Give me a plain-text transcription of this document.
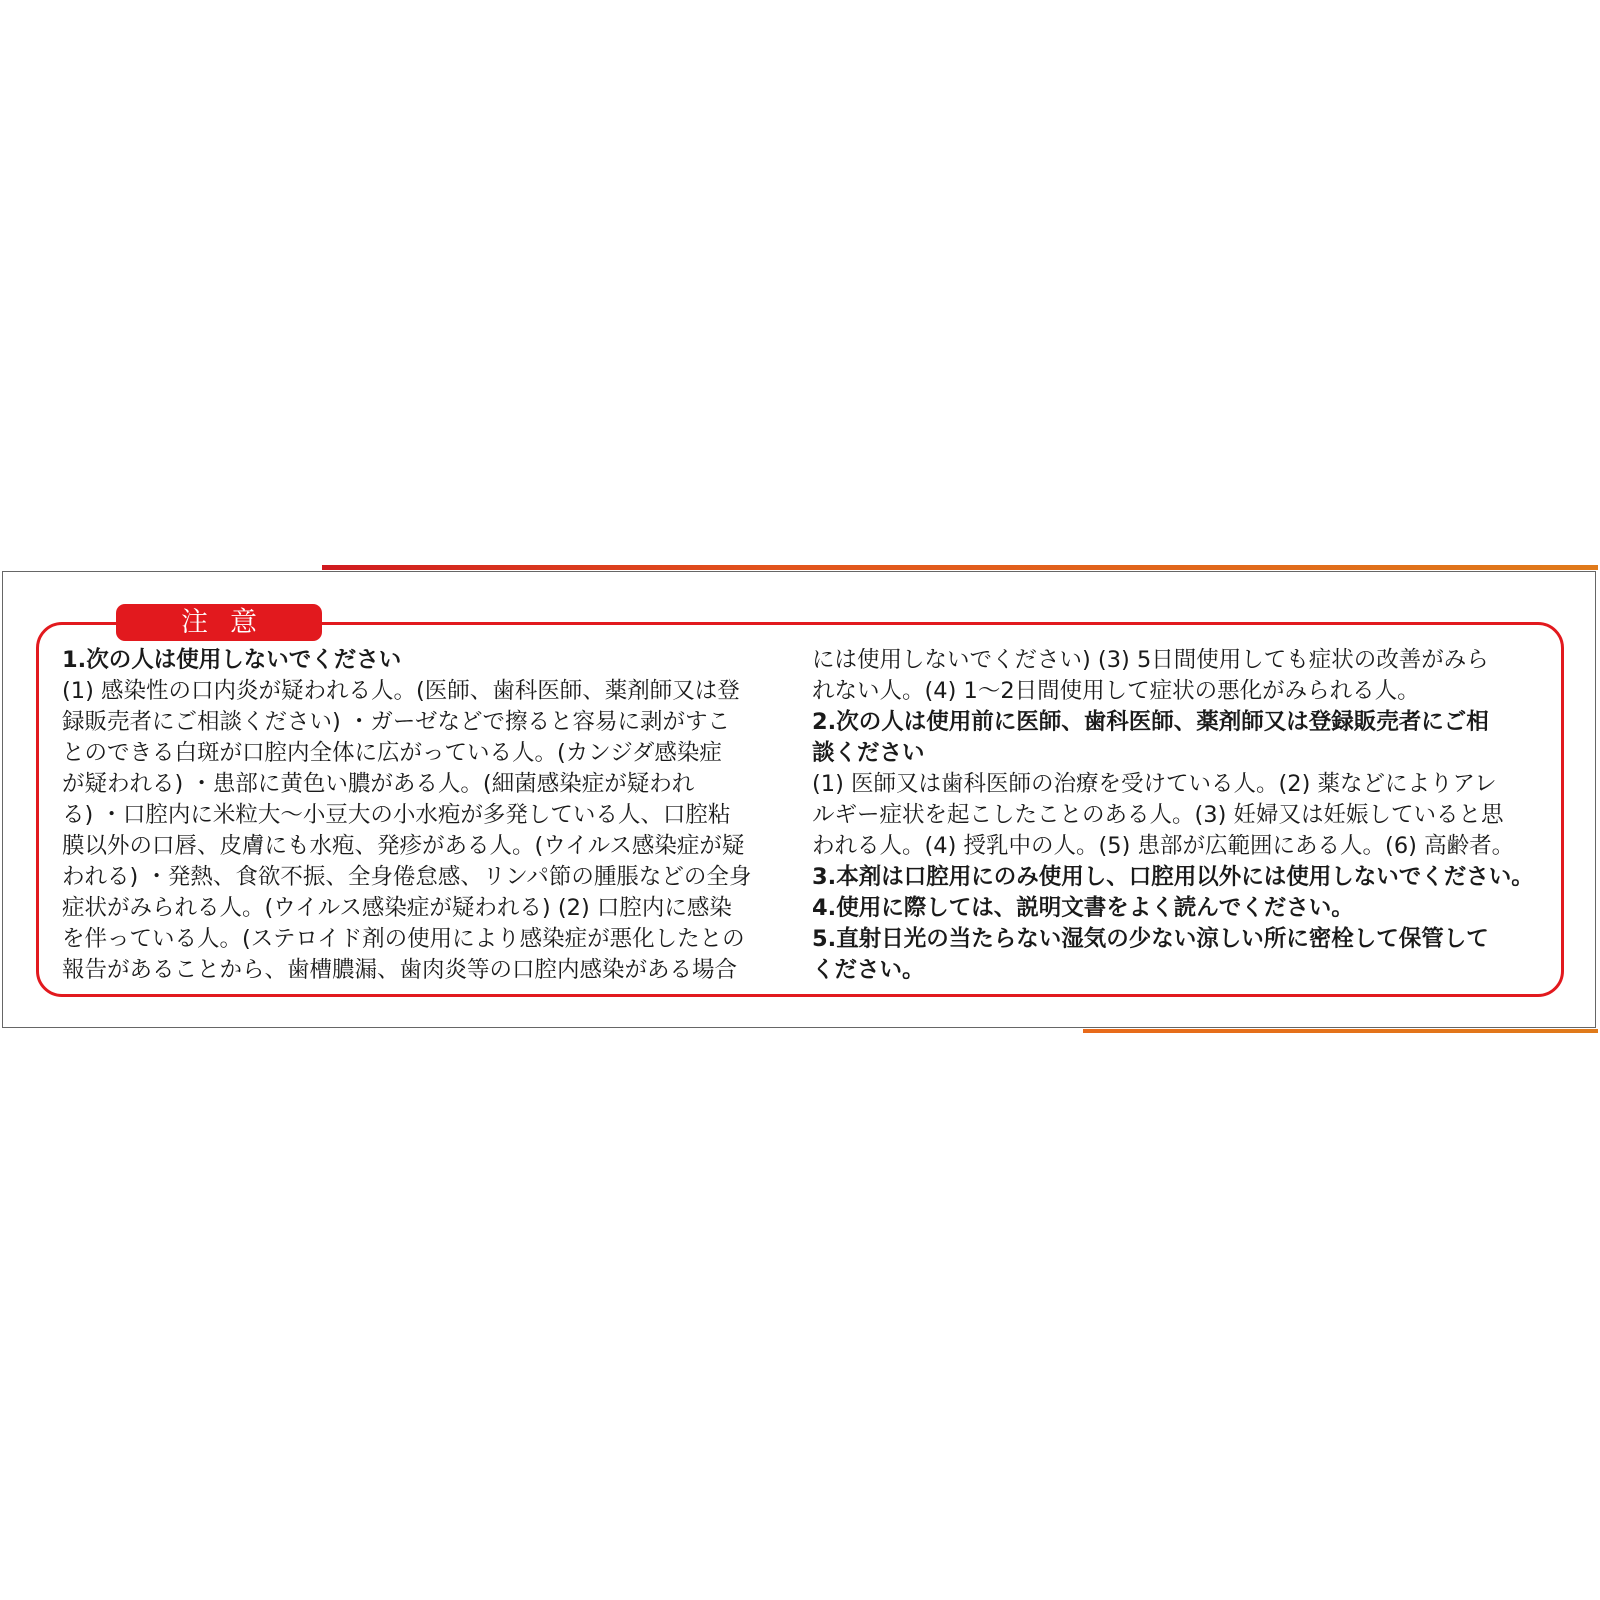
注意
1.次の人は使用しないでください
(1) 感染性の口内炎が疑われる人。(医師、歯科医師、薬剤師又は登
録販売者にご相談ください) ・ガーゼなどで擦ると容易に剥がすこ
とのできる白斑が口腔内全体に広がっている人。(カンジダ感染症
が疑われる) ・患部に黄色い膿がある人。(細菌感染症が疑われ
る) ・口腔内に米粒大〜小豆大の小水疱が多発している人、口腔粘
膜以外の口唇、皮膚にも水疱、発疹がある人。(ウイルス感染症が疑
われる) ・発熱、食欲不振、全身倦怠感、リンパ節の腫脹などの全身
症状がみられる人。(ウイルス感染症が疑われる) (2) 口腔内に感染
を伴っている人。(ステロイド剤の使用により感染症が悪化したとの
報告があることから、歯槽膿漏、歯肉炎等の口腔内感染がある場合
には使用しないでください) (3) 5日間使用しても症状の改善がみら
れない人。(4) 1〜2日間使用して症状の悪化がみられる人。
2.次の人は使用前に医師、歯科医師、薬剤師又は登録販売者にご相
談ください
(1) 医師又は歯科医師の治療を受けている人。(2) 薬などによりアレ
ルギー症状を起こしたことのある人。(3) 妊婦又は妊娠していると思
われる人。(4) 授乳中の人。(5) 患部が広範囲にある人。(6) 高齢者。
3.本剤は口腔用にのみ使用し、口腔用以外には使用しないでください。
4.使用に際しては、説明文書をよく読んでください。
5.直射日光の当たらない湿気の少ない涼しい所に密栓して保管して
ください。
